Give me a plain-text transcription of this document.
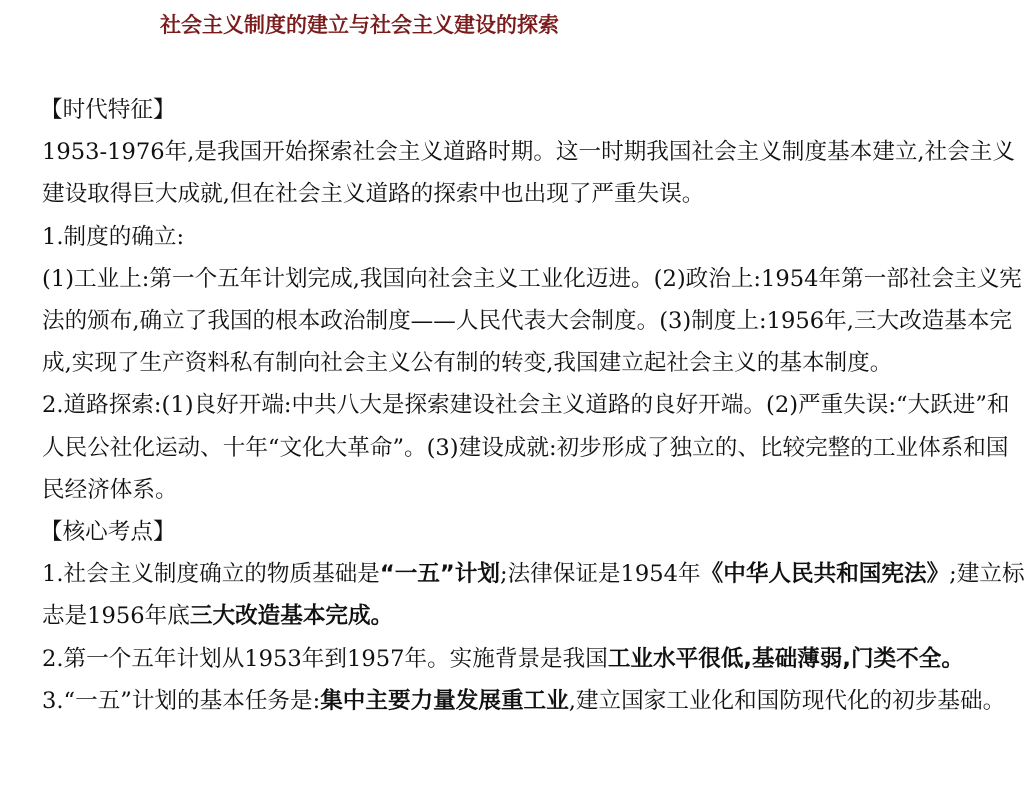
社会主义制度的建立与社会主义建设的探索

【时代特征】

1953-1976年,是我国开始探索社会主义道路时期。这一时期我国社会主义制度基本建立,社会主义建设取得巨大成就,但在社会主义道路的探索中也出现了严重失误。

1.制度的确立:

(1)工业上:第一个五年计划完成,我国向社会主义工业化迈进。(2)政治上:1954年第一部社会主义宪法的颁布,确立了我国的根本政治制度——人民代表大会制度。(3)制度上:1956年,三大改造基本完成,实现了生产资料私有制向社会主义公有制的转变,我国建立起社会主义的基本制度。

2.道路探索:(1)良好开端:中共八大是探索建设社会主义道路的良好开端。(2)严重失误:“大跃进”和人民公社化运动、十年“文化大革命”。(3)建设成就:初步形成了独立的、比较完整的工业体系和国民经济体系。

【核心考点】

1.社会主义制度确立的物质基础是“一五”计划;法律保证是1954年《中华人民共和国宪法》;建立标志是1956年底三大改造基本完成。

2.第一个五年计划从1953年到1957年。实施背景是我国工业水平很低,基础薄弱,门类不全。

3.“一五”计划的基本任务是:集中主要力量发展重工业,建立国家工业化和国防现代化的初步基础。
